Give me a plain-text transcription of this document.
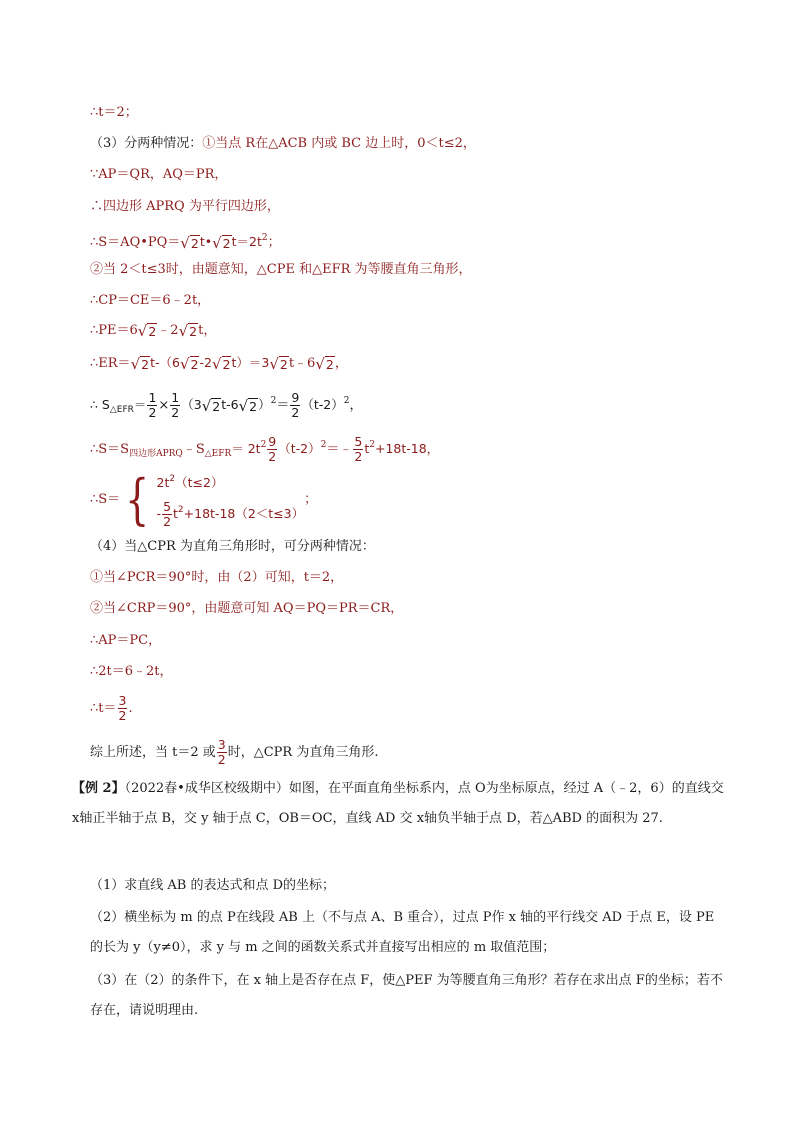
∴t＝2；
（3）分两种情况：①当点 R在△ACB 内或 BC 边上时，0＜t≤2，
∵AP＝QR，AQ＝PR，
∴四边形 APRQ 为平行四边形，
∴S＝AQ•PQ＝ √ 2 t• √ 2 $t=2t^2$；
②当 2＜t≤3时，由题意知，△CPE 和△EFR 为等腰直角三角形，
∴CP＝CE＝6﹣2t，
∴PE＝6 √ 2 ﹣2 √ 2 t，
∴ER＝ √ 2 t-（6 √ 2 -2 √ 2 t）＝3 √ 2 t﹣6 √ 2 ，
∴ $S_{\triangle EFR}= \frac{1}{2} \times \frac{1}{2} (3$ √ 2 t-6 √ 2 ）$^2= \frac{9}{2} (t-2)^2$，
$\therefore S=S_{四边形APRQ}﹣S_{\triangle EFR}= 2t^2 \frac{9}{2}$ $(t-2)^2=﹣ \frac{5}{2} t^2+18t-18$，
∴S＝ { $2t^2(t\le 2)$
- $\frac{5}{2} t^2+18t-18(2<t\le 3)$
；
（4）当△CPR 为直角三角形时，可分两种情况：
①当∠PCR＝90°时，由（2）可知，t＝2，
②当∠CRP＝90°，由题意可知 AQ＝PQ＝PR＝CR，
∴AP＝PC，
∴2t＝6﹣2t，
∴t＝ $\frac{3}{2}$ .
综上所述，当 t＝2 或 $\frac{3}{2}$ 时，△CPR 为直角三角形.
【例 2】（2022春•成华区校级期中）如图，在平面直角坐标系内，点 O为坐标原点，经过 A（﹣2，6）的直线交 x轴正半轴于点 B，交 y 轴于点 C，OB＝OC，直线 AD 交 x轴负半轴于点 D，若△ABD 的面积为 27.
（1）求直线 AB 的表达式和点 D的坐标；
（2）横坐标为 m 的点 P在线段 AB 上（不与点 A、B 重合），过点 P作 x 轴的平行线交 AD 于点 E，设 PE 的长为 y（y≠0），求 y 与 m 之间的函数关系式并直接写出相应的 m 取值范围；
（3）在（2）的条件下，在 x 轴上是否存在点 F，使△PEF 为等腰直角三角形？若存在求出点 F的坐标；若不存在，请说明理由.
